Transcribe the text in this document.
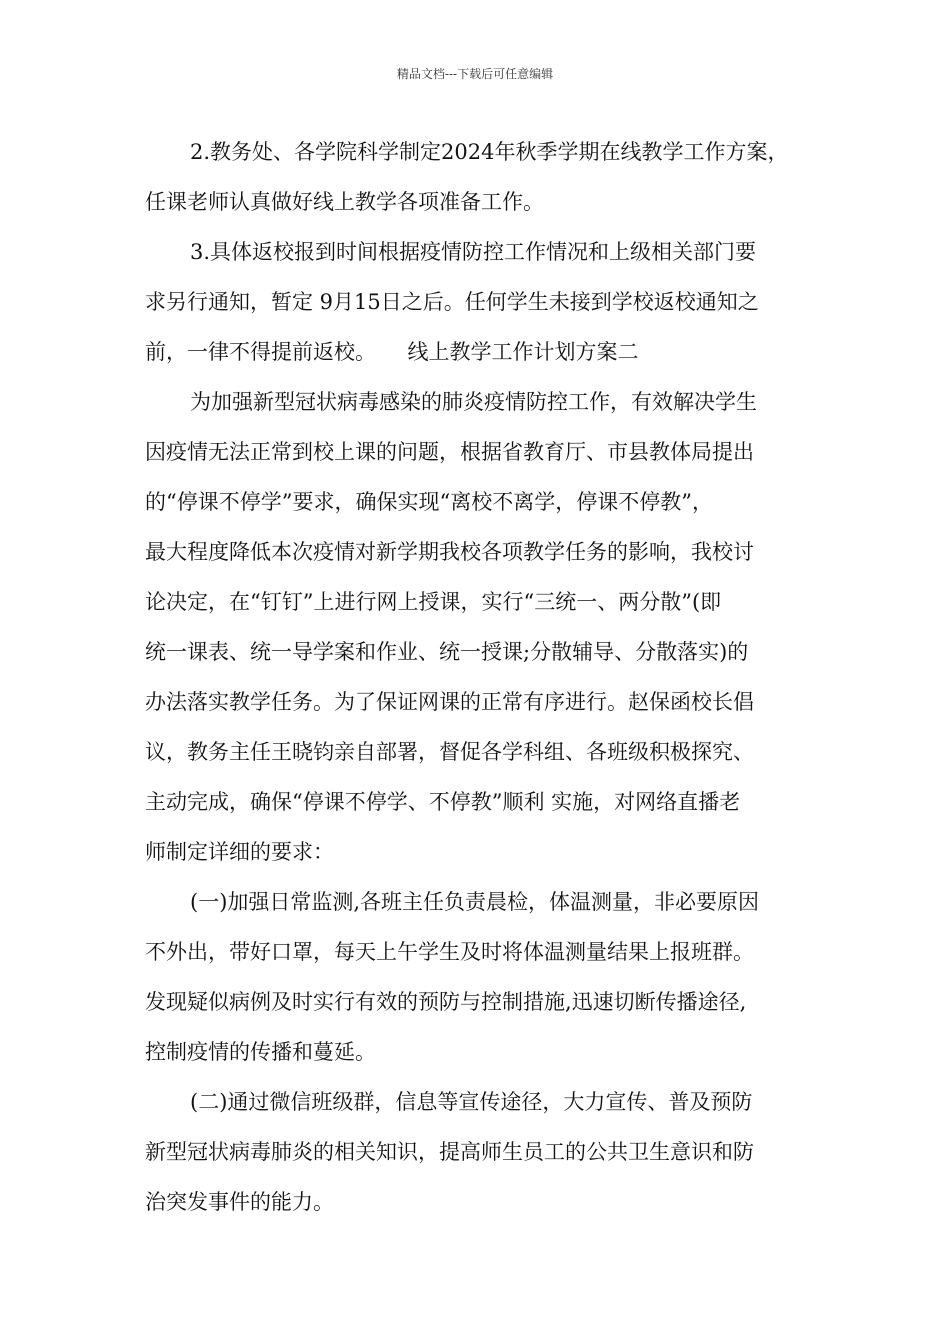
精品文档---下载后可任意编辑
2.教务处、各学院科学制定2024年秋季学期在线教学工作方案，
任课老师认真做好线上教学各项准备工作。
3.具体返校报到时间根据疫情防控工作情况和上级相关部门要
求另行通知，暂定 9月15日之后。任何学生未接到学校返校通知之
前，一律不得提前返校。　　线上教学工作计划方案二
为加强新型冠状病毒感染的肺炎疫情防控工作，有效解决学生
因疫情无法正常到校上课的问题，根据省教育厅、市县教体局提出
的“停课不停学”要求，确保实现“离校不离学，停课不停教”，
最大程度降低本次疫情对新学期我校各项教学任务的影响，我校讨
论决定，在“钉钉”上进行网上授课，实行“三统一、两分散”(即
统一课表、统一导学案和作业、统一授课;分散辅导、分散落实)的
办法落实教学任务。为了保证网课的正常有序进行。赵保函校长倡
议，教务主任王晓钧亲自部署，督促各学科组、各班级积极探究、
主动完成，确保“停课不停学、不停教”顺利 实施，对网络直播老
师制定详细的要求：
(一)加强日常监测,各班主任负责晨检，体温测量，非必要原因
不外出，带好口罩，每天上午学生及时将体温测量结果上报班群。
发现疑似病例及时实行有效的预防与控制措施,迅速切断传播途径,
控制疫情的传播和蔓延。
(二)通过微信班级群，信息等宣传途径，大力宣传、普及预防
新型冠状病毒肺炎的相关知识，提高师生员工的公共卫生意识和防
治突发事件的能力。
